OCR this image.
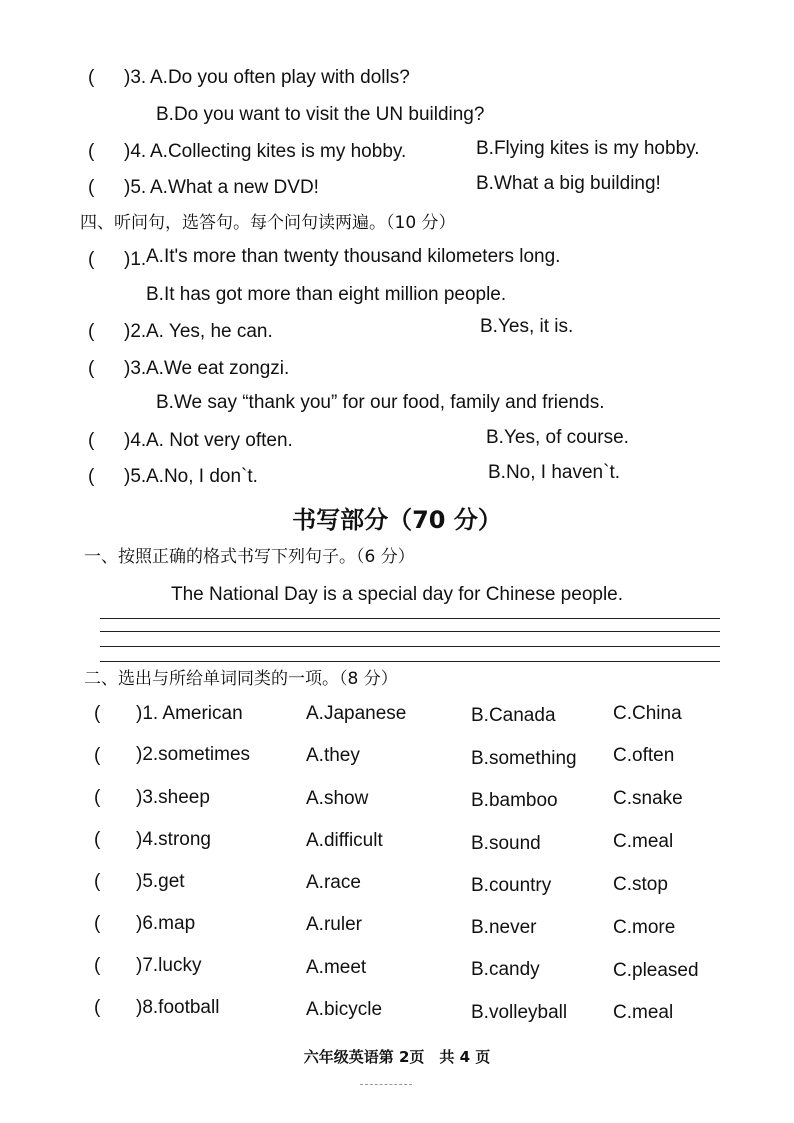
( )3. A.Do you often play with dolls?
B.Do you want to visit the UN building?
( )4. A.Collecting kites is my hobby.	B.Flying kites is my hobby.
( )5. A.What a new DVD!	B.What a big building!
四、听问句，选答句。每个问句读两遍。（10 分）
( )1. A.It's more than twenty thousand kilometers long.
B.It has got more than eight million people.
( )2. A. Yes, he can.	B.Yes, it is.
( )3. A.We eat zongzi.
B.We say “thank you” for our food, family and friends.
( )4. A. Not very often.	B.Yes, of course.
( )5. A.No, I don`t.	B.No, I haven`t.
书写部分（70 分）
一、按照正确的格式书写下列句子。（6 分）
The National Day is a special day for Chinese people.
二、选出与所给单词同类的一项。（8 分）
( )1. American	A.Japanese	B.Canada	C.China
( )2.sometimes	A.they	B.something C.often
( )3.sheep	A.show	B.bamboo	C.snake
( )4.strong	A.difficult	B.sound	C.meal
( )5.get	A.race	B.country	C.stop
( )6.map	A.ruler	B.never	C.more
( )7.lucky	A.meet	B.candy	C.pleased
( )8.football	A.bicycle	B.volleyball C.meal
六年级英语第 2页　共 4 页
